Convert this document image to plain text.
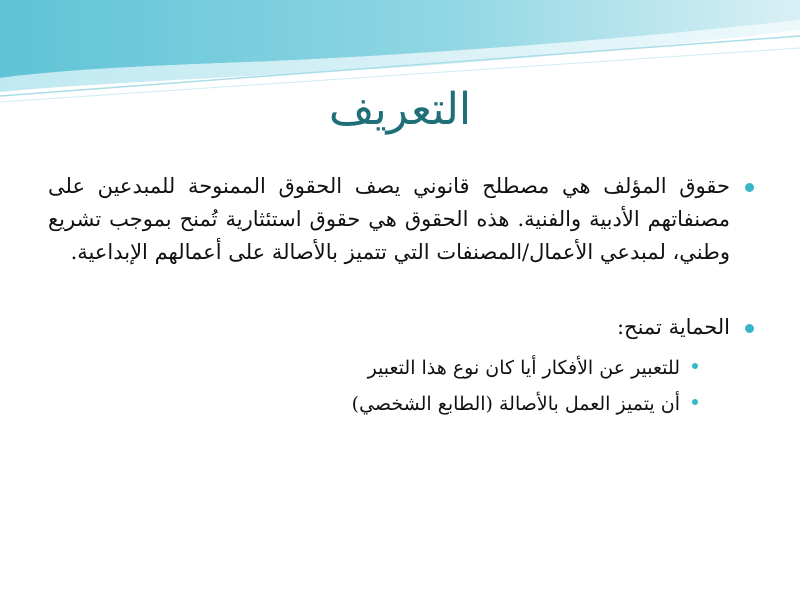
التعريف

حقوق المؤلف هي مصطلح قانوني يصف الحقوق الممنوحة للمبدعين على مصنفاتهم الأدبية والفنية. هذه الحقوق هي حقوق استئثارية تُمنح بموجب تشريع وطني، لمبدعي الأعمال/المصنفات التي تتميز بالأصالة على أعمالهم الإبداعية.

الحماية تمنح:

للتعبير عن الأفكار أيا كان نوع هذا التعبير

أن يتميز العمل بالأصالة (الطابع الشخصي)
